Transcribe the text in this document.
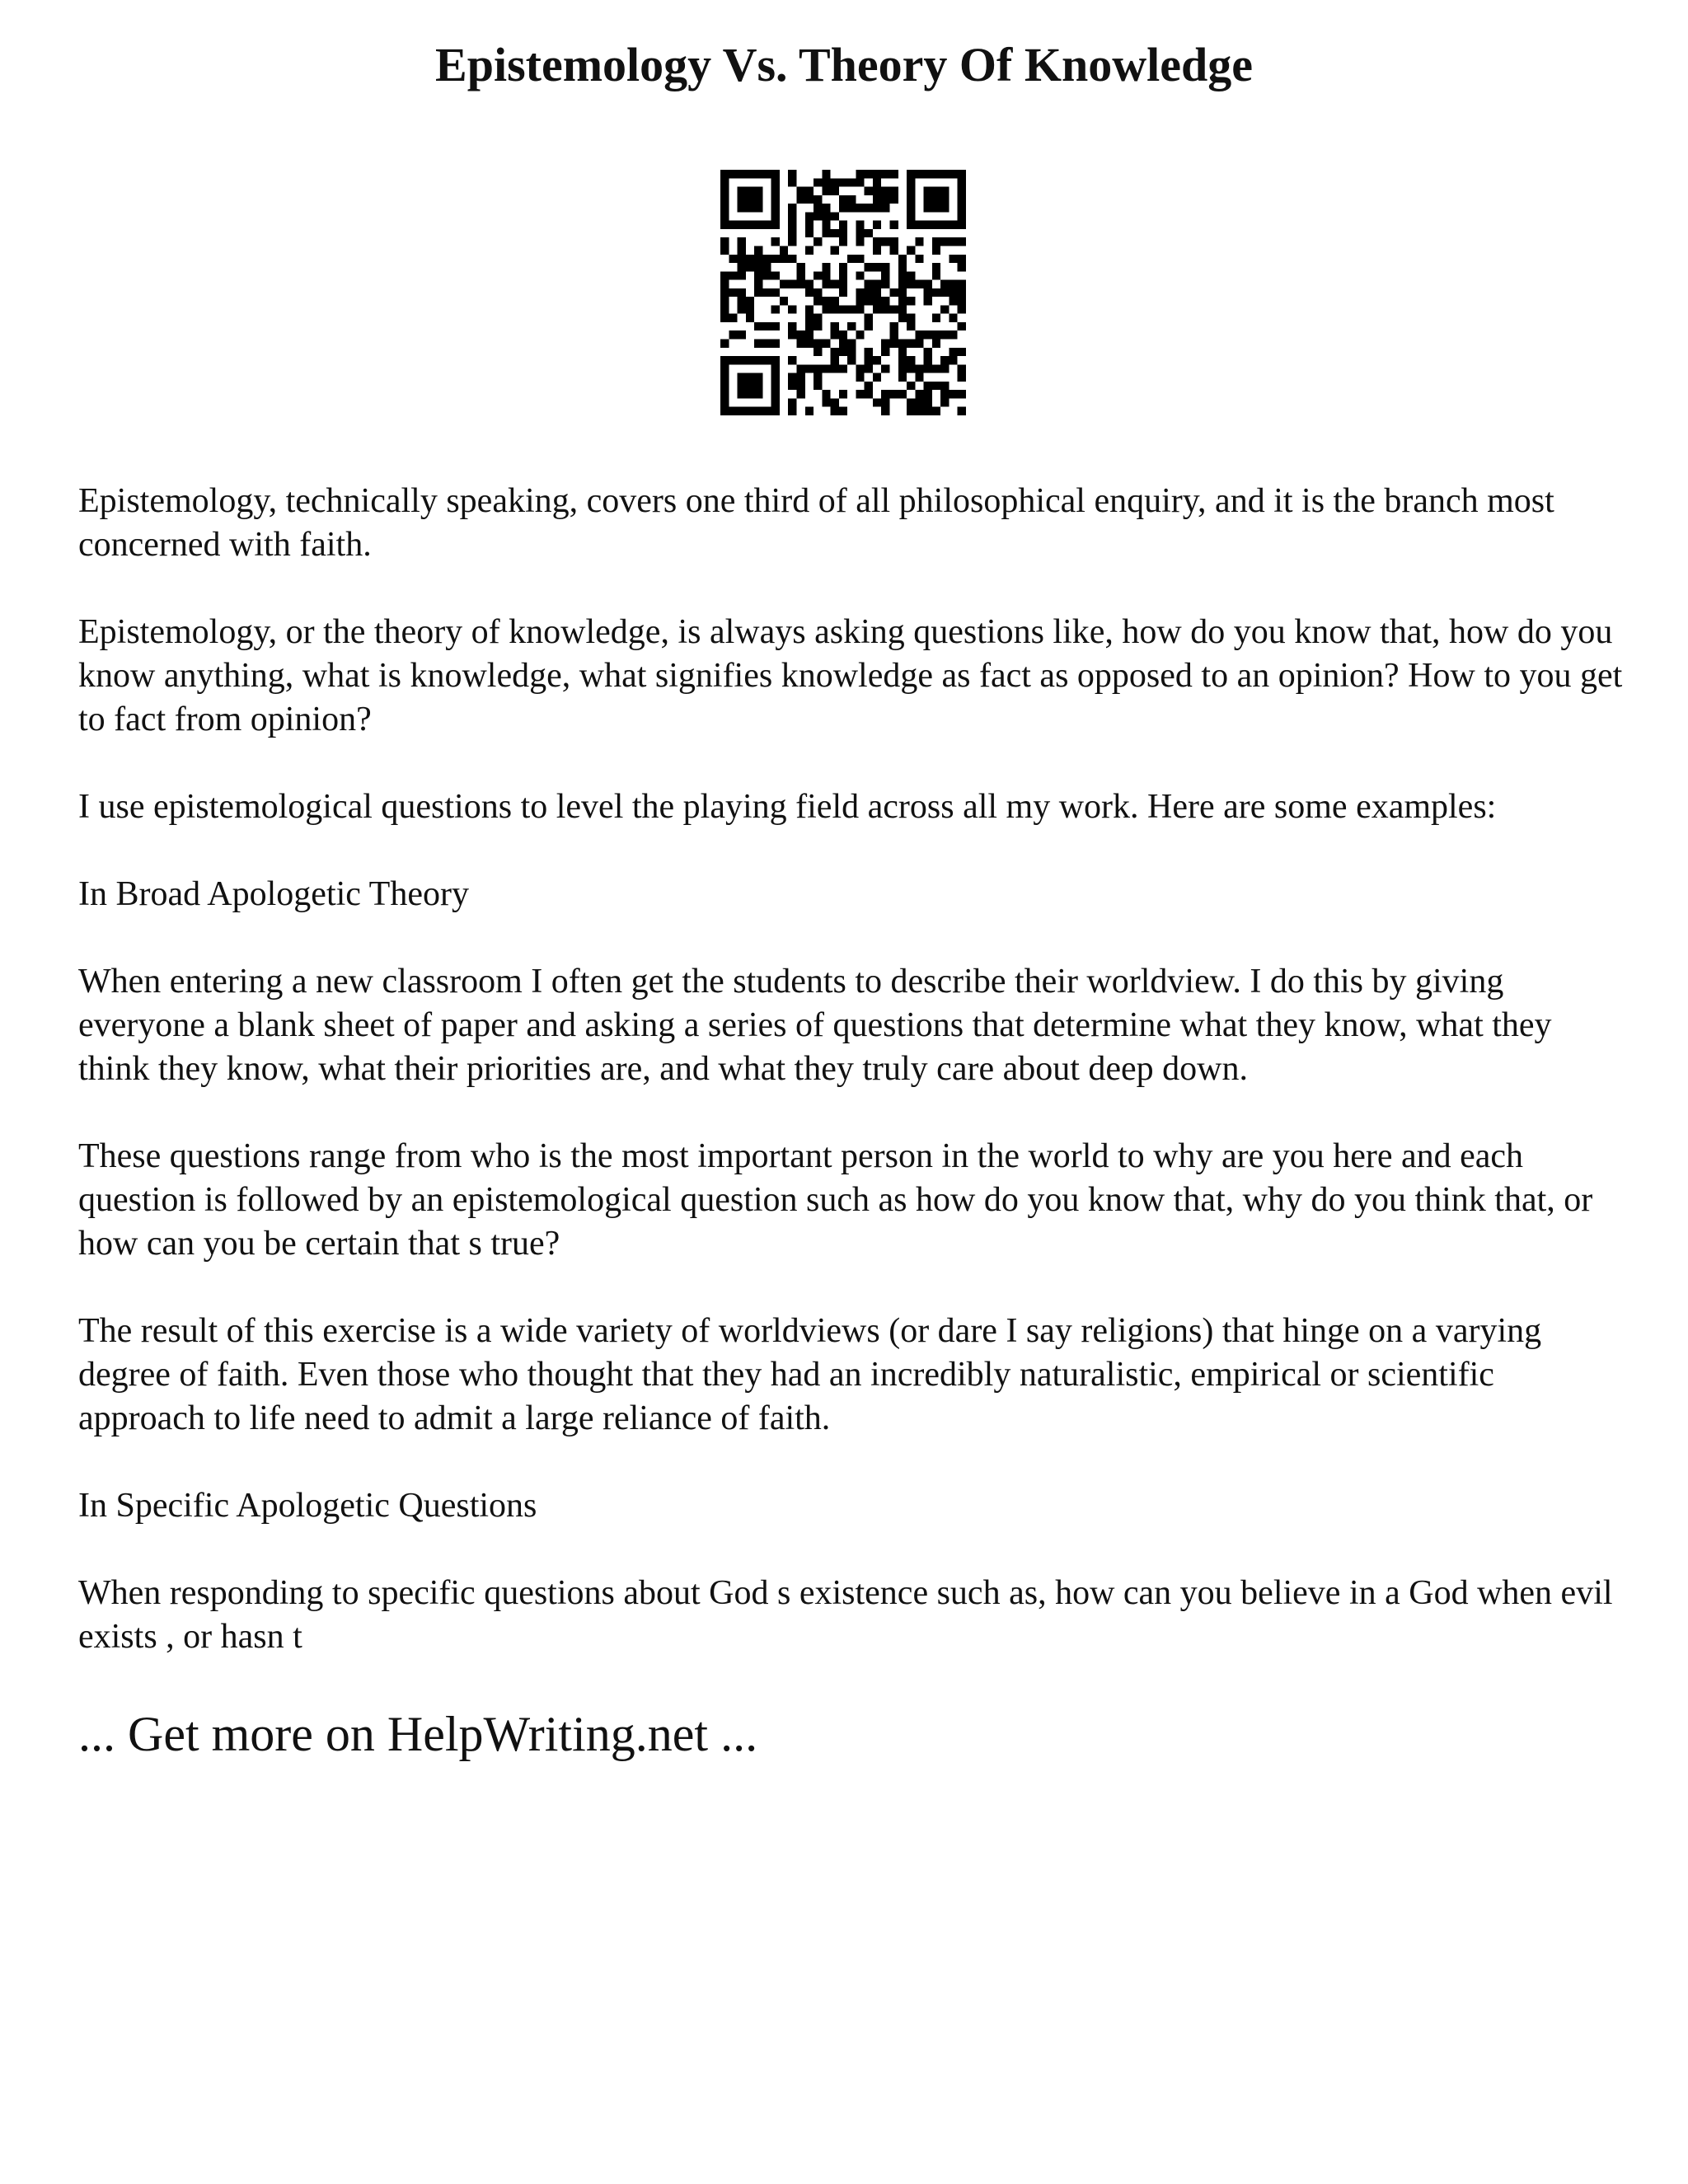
Epistemology Vs. Theory Of Knowledge

Epistemology, technically speaking, covers one third of all philosophical enquiry, and it is the branch most concerned with faith.

Epistemology, or the theory of knowledge, is always asking questions like, how do you know that, how do you know anything, what is knowledge, what signifies knowledge as fact as opposed to an opinion? How to you get to fact from opinion?

I use epistemological questions to level the playing field across all my work. Here are some examples:

In Broad Apologetic Theory

When entering a new classroom I often get the students to describe their worldview. I do this by giving everyone a blank sheet of paper and asking a series of questions that determine what they know, what they think they know, what their priorities are, and what they truly care about deep down.

These questions range from who is the most important person in the world to why are you here and each question is followed by an epistemological question such as how do you know that, why do you think that, or how can you be certain that s true?

The result of this exercise is a wide variety of worldviews (or dare I say religions) that hinge on a varying degree of faith. Even those who thought that they had an incredibly naturalistic, empirical or scientific approach to life need to admit a large reliance of faith.

In Specific Apologetic Questions

When responding to specific questions about God s existence such as, how can you believe in a God when evil exists , or hasn t

... Get more on HelpWriting.net ...
